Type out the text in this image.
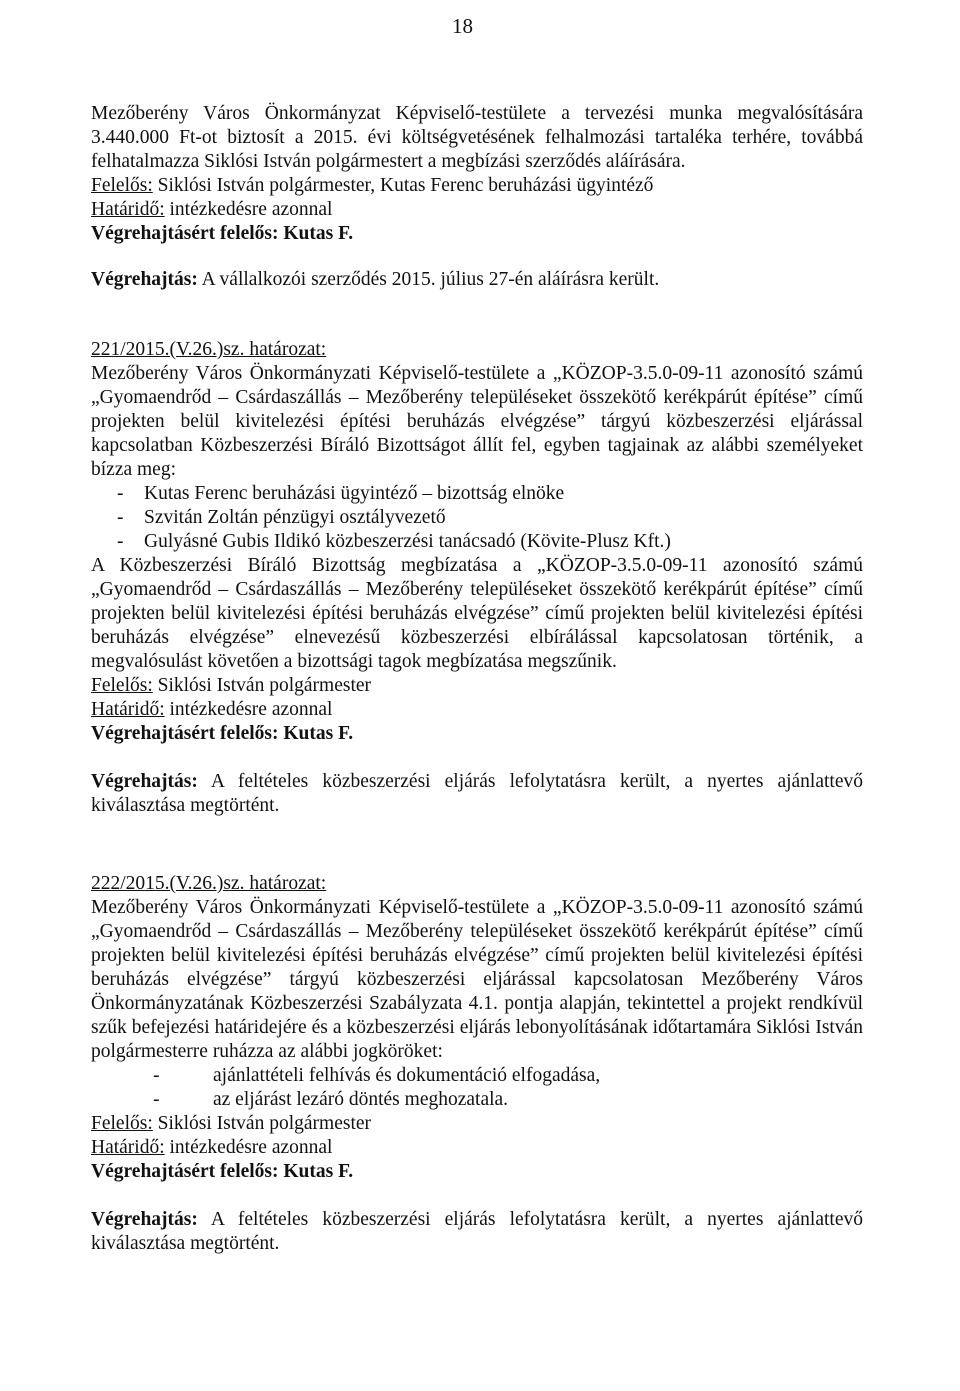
18

Mezőberény Város Önkormányzat Képviselő-testülete a tervezési munka megvalósítására 3.440.000 Ft-ot biztosít a 2015. évi költségvetésének felhalmozási tartaléka terhére, továbbá felhatalmazza Siklósi István polgármestert a megbízási szerződés aláírására.

Felelős: Siklósi István polgármester, Kutas Ferenc beruházási ügyintéző

Határidő: intézkedésre azonnal

Végrehajtásért felelős: Kutas F.

Végrehajtás: A vállalkozói szerződés 2015. július 27-én aláírásra került.

221/2015.(V.26.)sz. határozat:

Mezőberény Város Önkormányzati Képviselő-testülete a „KÖZOP-3.5.0-09-11 azonosító számú „Gyomaendrőd – Csárdaszállás – Mezőberény településeket összekötő kerékpárút építése” című projekten belül kivitelezési építési beruházás elvégzése” tárgyú közbeszerzési eljárással kapcsolatban Közbeszerzési Bíráló Bizottságot állít fel, egyben tagjainak az alábbi személyeket bízza meg:

- Kutas Ferenc beruházási ügyintéző – bizottság elnöke
- Szvitán Zoltán pénzügyi osztályvezető
- Gulyásné Gubis Ildikó közbeszerzési tanácsadó (Kövite-Plusz Kft.)

A Közbeszerzési Bíráló Bizottság megbízatása a „KÖZOP-3.5.0-09-11 azonosító számú „Gyomaendrőd – Csárdaszállás – Mezőberény településeket összekötő kerékpárút építése” című projekten belül kivitelezési építési beruházás elvégzése” című projekten belül kivitelezési építési beruházás elvégzése” elnevezésű közbeszerzési elbírálással kapcsolatosan történik, a megvalósulást követően a bizottsági tagok megbízatása megszűnik.

Felelős: Siklósi István polgármester

Határidő: intézkedésre azonnal

Végrehajtásért felelős: Kutas F.

Végrehajtás: A feltételes közbeszerzési eljárás lefolytatásra került, a nyertes ajánlattevő kiválasztása megtörtént.

222/2015.(V.26.)sz. határozat:

Mezőberény Város Önkormányzati Képviselő-testülete a „KÖZOP-3.5.0-09-11 azonosító számú „Gyomaendrőd – Csárdaszállás – Mezőberény településeket összekötő kerékpárút építése” című projekten belül kivitelezési építési beruházás elvégzése” című projekten belül kivitelezési építési beruházás elvégzése” tárgyú közbeszerzési eljárással kapcsolatosan Mezőberény Város Önkormányzatának Közbeszerzési Szabályzata 4.1. pontja alapján, tekintettel a projekt rendkívül szűk befejezési határidejére és a közbeszerzési eljárás lebonyolításának időtartamára Siklósi István polgármesterre ruházza az alábbi jogköröket:

- ajánlattételi felhívás és dokumentáció elfogadása,
- az eljárást lezáró döntés meghozatala.

Felelős: Siklósi István polgármester

Határidő: intézkedésre azonnal

Végrehajtásért felelős: Kutas F.

Végrehajtás: A feltételes közbeszerzési eljárás lefolytatásra került, a nyertes ajánlattevő kiválasztása megtörtént.
